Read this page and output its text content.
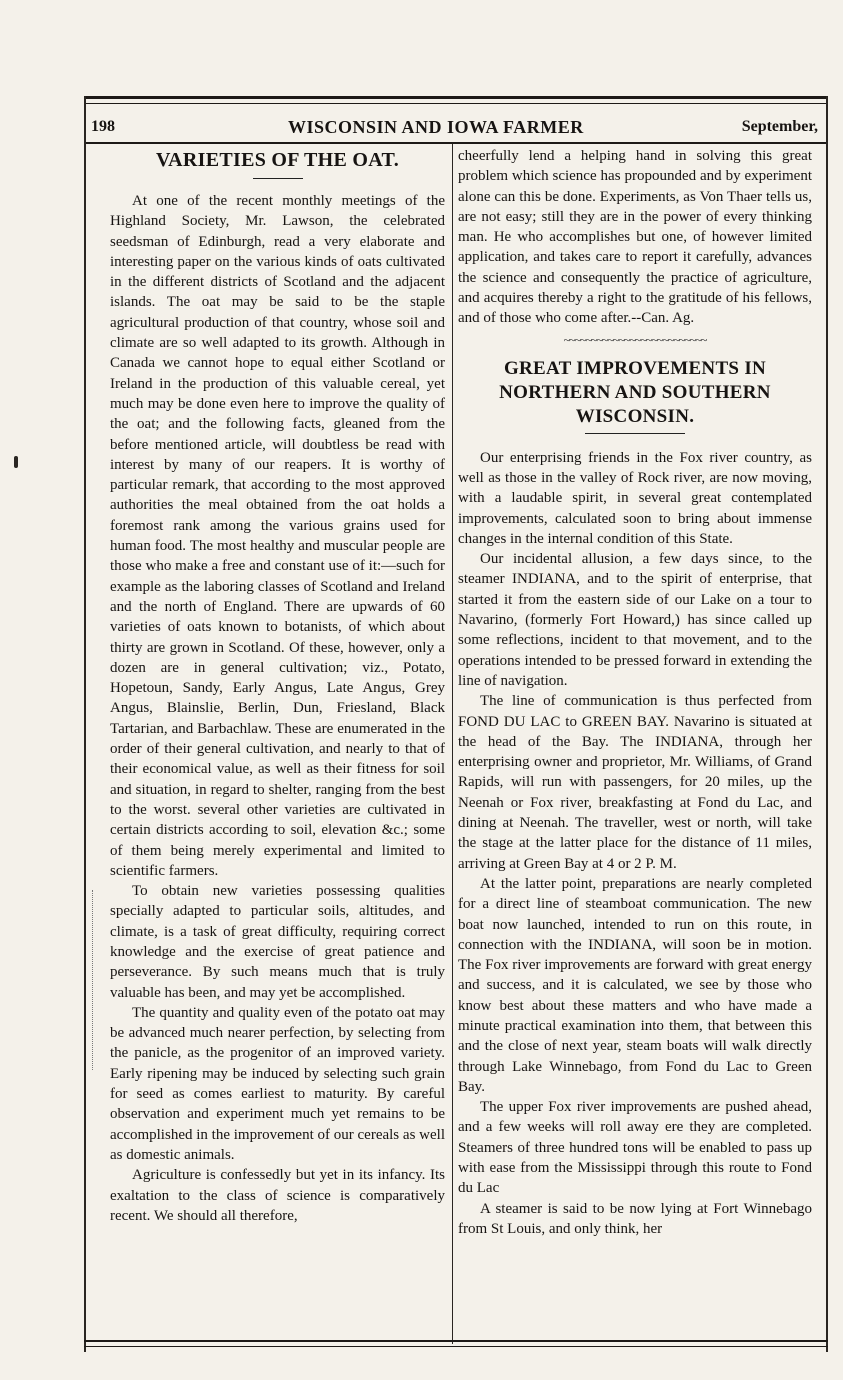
198	WISCONSIN AND IOWA FARMER	September,
VARIETIES OF THE OAT.

At one of the recent monthly meetings of the Highland Society, Mr. Lawson, the celebrated seedsman of Edinburgh, read a very elaborate and interesting paper on the various kinds of oats cultivated in the different districts of Scotland and the adjacent islands. The oat may be said to be the staple agricultural production of that country, whose soil and climate are so well adapted to its growth. Although in Canada we cannot hope to equal either Scotland or Ireland in the production of this valuable cereal, yet much may be done even here to improve the quality of the oat; and the following facts, gleaned from the before mentioned article, will doubtless be read with interest by many of our reapers. It is worthy of particular remark, that according to the most approved authorities the meal obtained from the oat holds a foremost rank among the various grains used for human food. The most healthy and muscular people are those who make a free and constant use of it:—such for example as the laboring classes of Scotland and Ireland and the north of England. There are upwards of 60 varieties of oats known to botanists, of which about thirty are grown in Scotland. Of these, however, only a dozen are in general cultivation; viz., Potato, Hopetoun, Sandy, Early Angus, Late Angus, Grey Angus, Blainslie, Berlin, Dun, Friesland, Black Tartarian, and Barbachlaw. These are enumerated in the order of their general cultivation, and nearly to that of their economical value, as well as their fitness for soil and situation, in regard to shelter, ranging from the best to the worst. several other varieties are cultivated in certain districts according to soil, elevation &c.; some of them being merely experimental and limited to scientific farmers.

To obtain new varieties possessing qualities specially adapted to particular soils, altitudes, and climate, is a task of great difficulty, requiring correct knowledge and the exercise of great patience and perseverance. By such means much that is truly valuable has been, and may yet be accomplished.

The quantity and quality even of the potato oat may be advanced much nearer perfection, by selecting from the panicle, as the progenitor of an improved variety. Early ripening may be induced by selecting such grain for seed as comes earliest to maturity. By careful observation and experiment much yet remains to be accomplished in the improvement of our cereals as well as domestic animals.

Agriculture is confessedly but yet in its infancy. Its exaltation to the class of science is comparatively recent. We should all therefore,

cheerfully lend a helping hand in solving this great problem which science has propounded and by experiment alone can this be done. Experiments, as Von Thaer tells us, are not easy; still they are in the power of every thinking man. He who accomplishes but one, of however limited application, and takes care to report it carefully, advances the science and consequently the practice of agriculture, and acquires thereby a right to the gratitude of his fellows, and of those who come after.--Can. Ag.

~~~~~~~~~~~~~~~~~~~~~~~~~~
GREAT IMPROVEMENTS IN NORTHERN AND SOUTHERN WISCONSIN.

Our enterprising friends in the Fox river country, as well as those in the valley of Rock river, are now moving, with a laudable spirit, in several great contemplated improvements, calculated soon to bring about immense changes in the internal condition of this State.

Our incidental allusion, a few days since, to the steamer INDIANA, and to the spirit of enterprise, that started it from the eastern side of our Lake on a tour to Navarino, (formerly Fort Howard,) has since called up some reflections, incident to that movement, and to the operations intended to be pressed forward in extending the line of navigation.

The line of communication is thus perfected from FOND DU LAC to GREEN BAY. Navarino is situated at the head of the Bay. The INDIANA, through her enterprising owner and proprietor, Mr. Williams, of Grand Rapids, will run with passengers, for 20 miles, up the Neenah or Fox river, breakfasting at Fond du Lac, and dining at Neenah. The traveller, west or north, will take the stage at the latter place for the distance of 11 miles, arriving at Green Bay at 4 or 2 P. M.

At the latter point, preparations are nearly completed for a direct line of steamboat communication. The new boat now launched, intended to run on this route, in connection with the INDIANA, will soon be in motion. The Fox river improvements are forward with great energy and success, and it is calculated, we see by those who know best about these matters and who have made a minute practical examination into them, that between this and the close of next year, steam boats will walk directly through Lake Winnebago, from Fond du Lac to Green Bay.

The upper Fox river improvements are pushed ahead, and a few weeks will roll away ere they are completed. Steamers of three hundred tons will be enabled to pass up with ease from the Mississippi through this route to Fond du Lac

A steamer is said to be now lying at Fort Winnebago from St Louis, and only think, her
